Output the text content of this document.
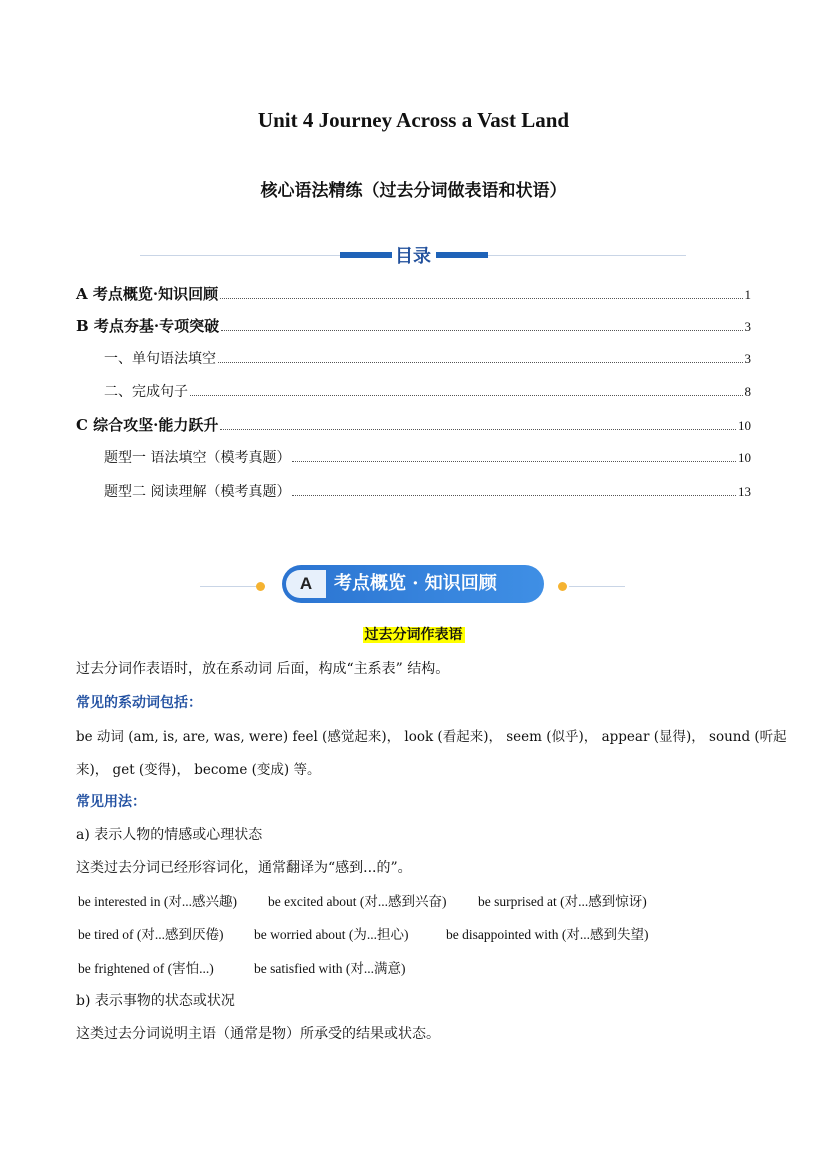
Unit 4 Journey Across a Vast Land
核心语法精练（过去分词做表语和状语）
目录
A 考点概览·知识回顾	1
B 考点夯基·专项突破	3
一、单句语法填空	3
二、完成句子	8
C 综合攻坚·能力跃升	10
题型一 语法填空（模考真题）	10
题型二 阅读理解（模考真题）	13
A	考点概览 · 知识回顾
过去分词作表语
过去分词作表语时，放在系动词 后面，构成“主系表” 结构。
常见的系动词包括：
be 动词 (am, is, are, was, were) feel (感觉起来)， look (看起来)， seem (似乎)， appear (显得)， sound (听起
来)， get (变得)， become (变成) 等。
常见用法：
a) 表示人物的情感或心理状态
这类过去分词已经形容词化，通常翻译为“感到...的”。
be interested in (对...感兴趣) be excited about (对...感到兴奋) be surprised at (对...感到惊讶)
be tired of (对...感到厌倦) be worried about (为...担心)	be disappointed with (对...感到失望)
be frightened of (害怕...)	be satisfied with (对...满意)
b) 表示事物的状态或状况
这类过去分词说明主语（通常是物）所承受的结果或状态。
